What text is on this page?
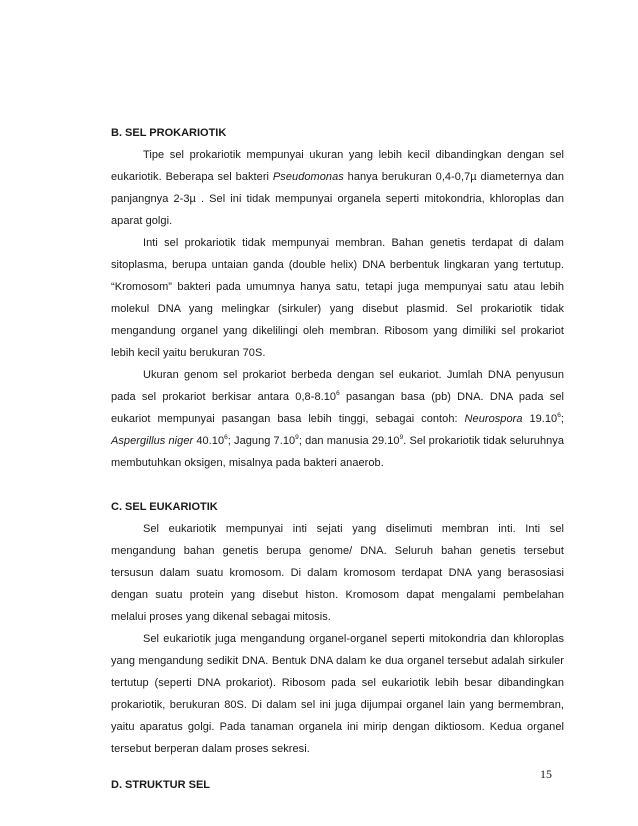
B. SEL PROKARIOTIK

Tipe sel prokariotik mempunyai ukuran yang lebih kecil dibandingkan dengan sel eukariotik. Beberapa sel bakteri Pseudomonas hanya berukuran 0,4-0,7µ diameternya dan panjangnya 2-3µ . Sel ini tidak mempunyai organela seperti mitokondria, khloroplas dan aparat golgi.

Inti sel prokariotik tidak mempunyai membran. Bahan genetis terdapat di dalam sitoplasma, berupa untaian ganda (double helix) DNA berbentuk lingkaran yang tertutup. “Kromosom” bakteri pada umumnya hanya satu, tetapi juga mempunyai satu atau lebih molekul DNA yang melingkar (sirkuler) yang disebut plasmid. Sel prokariotik tidak mengandung organel yang dikelilingi oleh membran. Ribosom yang dimiliki sel prokariot lebih kecil yaitu berukuran 70S.

Ukuran genom sel prokariot berbeda dengan sel eukariot. Jumlah DNA penyusun pada sel prokariot berkisar antara 0,8-8.10$^6$ pasangan basa (pb) DNA. DNA pada sel eukariot mempunyai pasangan basa lebih tinggi, sebagai contoh: Neurospora 19.10$^6$; Aspergillus niger 40.10$^6$; Jagung 7.10$^9$; dan manusia 29.10$^9$. Sel prokariotik tidak seluruhnya membutuhkan oksigen, misalnya pada bakteri anaerob.

C. SEL EUKARIOTIK

Sel eukariotik mempunyai inti sejati yang diselimuti membran inti. Inti sel mengandung bahan genetis berupa genome/ DNA. Seluruh bahan genetis tersebut tersusun dalam suatu kromosom. Di dalam kromosom terdapat DNA yang berasosiasi dengan suatu protein yang disebut histon. Kromosom dapat mengalami pembelahan melalui proses yang dikenal sebagai mitosis.

Sel eukariotik juga mengandung organel-organel seperti mitokondria dan khloroplas yang mengandung sedikit DNA. Bentuk DNA dalam ke dua organel tersebut adalah sirkuler tertutup (seperti DNA prokariot). Ribosom pada sel eukariotik lebih besar dibandingkan prokariotik, berukuran 80S. Di dalam sel ini juga dijumpai organel lain yang bermembran, yaitu aparatus golgi. Pada tanaman organela ini mirip dengan diktiosom. Kedua organel tersebut berperan dalam proses sekresi.

D. STRUKTUR SEL
15
